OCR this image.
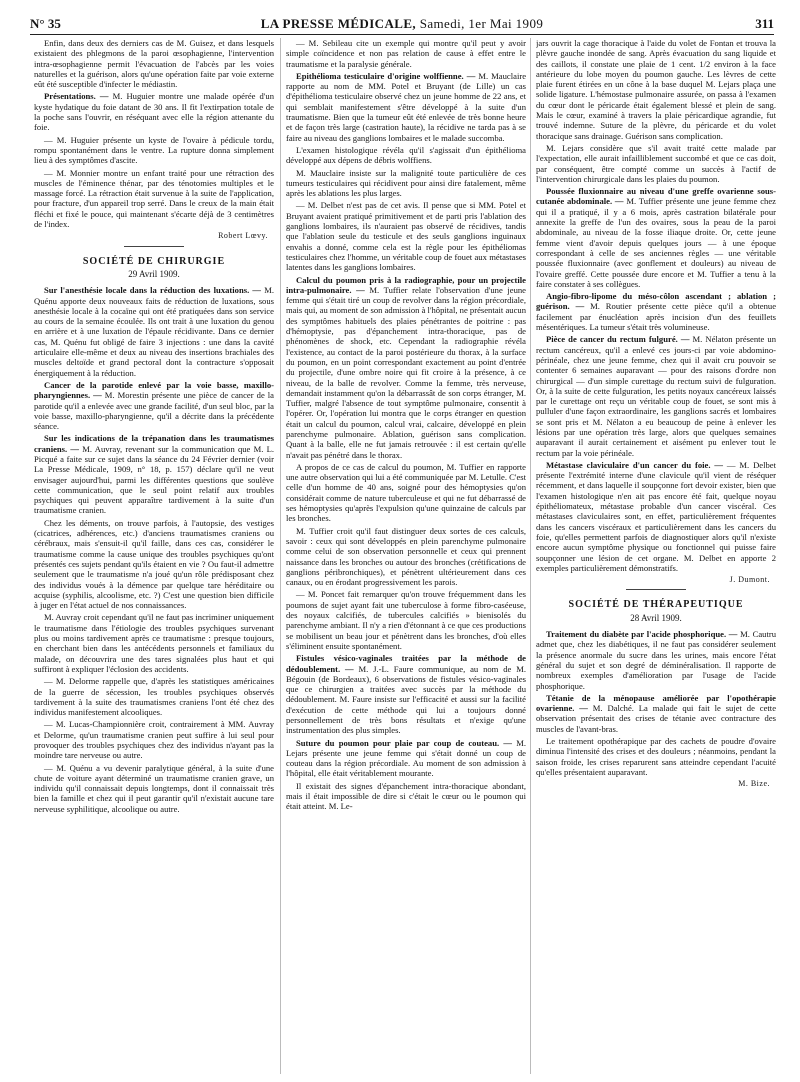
N° 35	LA PRESSE MÉDICALE, Samedi, 1er Mai 1909	311

Enfin, dans deux des derniers cas de M. Guisez, et dans lesquels existaient des phlegmons de la paroi œsophagienne, l'intervention intra-œsophagienne permit l'évacuation de l'abcès par les voies naturelles et la guérison, alors qu'une opération faite par voie externe eût été susceptible d'infecter le médiastin.

Présentations. — M. Huguier montre une malade opérée d'un kyste hydatique du foie datant de 30 ans. Il fit l'extirpation totale de la poche sans l'ouvrir, en réséquant avec elle la région attenante du foie.

— M. Huguier présente un kyste de l'ovaire à pédicule tordu, rompu spontanément dans le ventre. La rupture donna simplement lieu à des symptômes d'ascite.

— M. Monnier montre un enfant traité pour une rétraction des muscles de l'éminence thénar, par des ténotomies multiples et le massage forcé. La rétraction était survenue à la suite de l'application, pour fracture, d'un appareil trop serré. Dans le creux de la main était fléchi et fixé le pouce, qui maintenant s'écarte déjà de 3 centimètres de l'index.

Robert Lœvy.
SOCIÉTÉ DE CHIRURGIE
29 Avril 1909.

Sur l'anesthésie locale dans la réduction des luxations. — M. Quénu apporte deux nouveaux faits de réduction de luxations, sous anesthésie locale à la cocaïne qui ont été pratiquées dans son service au cours de la semaine écoulée. Ils ont trait à une luxation du genou en arrière et à une luxation de l'épaule récidivante. Dans ce dernier cas, M. Quénu fut obligé de faire 3 injections : une dans la cavité articulaire elle-même et deux au niveau des insertions brachiales des muscles deltoïde et grand pectoral dont la contracture s'opposait énergiquement à la réduction.

Cancer de la parotide enlevé par la voie basse, maxillo-pharyngiennes. — M. Morestin présente une pièce de cancer de la parotide qu'il a enlevée avec une grande facilité, d'un seul bloc, par la voie basse, maxillo-pharyngienne, qu'il a décrite dans la précédente séance.

Sur les indications de la trépanation dans les traumatismes craniens. — M. Auvray, revenant sur la communication que M. L. Picqué a faite sur ce sujet dans la séance du 24 Février dernier (voir La Presse Médicale, 1909, n° 18, p. 157) déclare qu'il ne veut envisager aujourd'hui, parmi les différentes questions que soulève cette communication, que le seul point relatif aux troubles psychiques qui peuvent apparaître tardivement à la suite d'un traumatisme cranien.

Chez les déments, on trouve parfois, à l'autopsie, des vestiges (cicatrices, adhérences, etc.) d'anciens traumatismes craniens ou cérébraux, mais s'ensuit-il qu'il faille, dans ces cas, considérer le traumatisme comme la cause unique des troubles psychiques qu'ont présentés ces sujets pendant qu'ils étaient en vie ? Ou faut-il admettre seulement que le traumatisme n'a joué qu'un rôle prédisposant chez des individus voués à la démence par quelque tare héréditaire ou acquise (syphilis, alcoolisme, etc. ?) C'est une question bien difficile à juger en l'état actuel de nos connaissances.

M. Auvray croit cependant qu'il ne faut pas incriminer uniquement le traumatisme dans l'étiologie des troubles psychiques survenant plus ou moins tardivement après ce traumatisme : presque toujours, en cherchant bien dans les antécédents personnels et familiaux du malade, on découvrira une des tares signalées plus haut et qui suffiront à expliquer l'éclosion des accidents.

— M. Delorme rappelle que, d'après les statistiques américaines de la guerre de sécession, les troubles psychiques observés tardivement à la suite des traumatismes craniens l'ont été chez des individus manifestement alcooliques.

— M. Lucas-Championnière croit, contrairement à MM. Auvray et Delorme, qu'un traumatisme cranien peut suffire à lui seul pour provoquer des troubles psychiques chez des individus n'ayant pas la moindre tare nerveuse ou autre.

— M. Quénu a vu devenir paralytique général, à la suite d'une chute de voiture ayant déterminé un traumatisme cranien grave, un individu qu'il connaissait depuis longtemps, dont il connaissait très bien la famille et chez qui il peut garantir qu'il n'existait aucune tare nerveuse syphilitique, alcoolique ou autre.

— M. Sebileau cite un exemple qui montre qu'il peut y avoir simple coïncidence et non pas relation de cause à effet entre le traumatisme et la paralysie générale.

Epithélioma testiculaire d'origine wolffienne. — M. Mauclaire rapporte au nom de MM. Potel et Bruyant (de Lille) un cas d'épithélioma testiculaire observé chez un jeune homme de 22 ans, et qui semblait manifestement s'être développé à la suite d'un traumatisme. Bien que la tumeur eût été enlevée de très bonne heure et de façon très large (castration haute), la récidive ne tarda pas à se faire au niveau des ganglions lombaires et le malade succomba.

L'examen histologique révéla qu'il s'agissait d'un épithélioma développé aux dépens de débris wolffiens.

M. Mauclaire insiste sur la malignité toute particulière de ces tumeurs testiculaires qui récidivent pour ainsi dire fatalement, même après les ablations les plus larges.

— M. Delbet n'est pas de cet avis. Il pense que si MM. Potel et Bruyant avaient pratiqué primitivement et de parti pris l'ablation des ganglions lombaires, ils n'auraient pas observé de récidives, tandis que l'ablation seule du testicule et des seuls ganglions inguinaux envahis a donné, comme cela est la règle pour les épithéliomas testiculaires chez l'homme, un véritable coup de fouet aux métastases latentes dans les ganglions lombaires.

Calcul du poumon pris à la radiographie, pour un projectile intra-pulmonaire. — M. Tuffier relate l'observation d'une jeune femme qui s'était tiré un coup de revolver dans la région précordiale, mais qui, au moment de son admission à l'hôpital, ne présentait aucun des symptômes habituels des plaies pénétrantes de poitrine : pas d'hémoptysie, pas d'épanchement intra-thoracique, pas de phénomènes de shock, etc. Cependant la radiographie révéla l'existence, au contact de la paroi postérieure du thorax, à la surface du poumon, en un point correspondant exactement au point d'entrée du projectile, d'une ombre noire qui fit croire à la présence, à ce niveau, de la balle de revolver. Comme la femme, très nerveuse, demandait instamment qu'on la débarrassât de son corps étranger, M. Tuffier, malgré l'absence de tout symptôme pulmonaire, consentit à l'opérer. Or, l'opération lui montra que le corps étranger en question était un calcul du poumon, calcul vrai, calcaire, développé en plein parenchyme pulmonaire. Ablation, guérison sans complication. Quant à la balle, elle ne fut jamais retrouvée : il est certain qu'elle n'avait pas pénétré dans le thorax.

A propos de ce cas de calcul du poumon, M. Tuffier en rapporte une autre observation qui lui a été communiquée par M. Letulle. C'est celle d'un homme de 40 ans, soigné pour des hémoptysies qu'on considérait comme de nature tuberculeuse et qui ne fut débarrassé de ses hémoptysies qu'après l'expulsion qu'une quinzaine de calculs par les bronches.

M. Tuffier croit qu'il faut distinguer deux sortes de ces calculs, savoir : ceux qui sont développés en plein parenchyme pulmonaire comme celui de son observation personnelle et ceux qui prennent naissance dans les bronches ou autour des bronches (crétifications de ganglions péribronchiques), et pénètrent ultérieurement dans ces canaux, ou en érodant progressivement les parois.

— M. Poncet fait remarquer qu'on trouve fréquemment dans les poumons de sujet ayant fait une tuberculose à forme fibro-caséeuse, des noyaux calcifiés, de tubercules calcifiés » bienisolés du parenchyme ambiant. Il n'y a rien d'étonnant à ce que ces productions se mobilisent un beau jour et pénètrent dans les bronches, d'où elles s'éliminent ensuite spontanément.

Fistules vésico-vaginales traitées par la méthode de dédoublement. — M. J.-L. Faure communique, au nom de M. Bégouin (de Bordeaux), 6 observations de fistules vésico-vaginales que ce chirurgien a traitées avec succès par la méthode du dédoublement. M. Faure insiste sur l'efficacité et aussi sur la facilité d'exécution de cette méthode qui lui a toujours donné personnellement de très bons résultats et n'exige qu'une instrumentation des plus simples.

Suture du poumon pour plaie par coup de couteau. — M. Lejars présente une jeune femme qui s'était donné un coup de couteau dans la région précordiale. Au moment de son admission à l'hôpital, elle était véritablement mourante.

Il existait des signes d'épanchement intra-thoracique abondant, mais il était impossible de dire si c'était le cœur ou le poumon qui était atteint. M. Le-

jars ouvrit la cage thoracique à l'aide du volet de Fontan et trouva la plèvre gauche inondée de sang. Après évacuation du sang liquide et des caillots, il constate une plaie de 1 cent. 1/2 environ à la face antérieure du lobe moyen du poumon gauche. Les lèvres de cette plaie furent étirées en un cône à la base duquel M. Lejars plaça une solide ligature. L'hémostase pulmonaire assurée, on passa à l'examen du cœur dont le péricarde était également blessé et plein de sang. Mais le cœur, examiné à travers la plaie péricardique agrandie, fut trouvé indemne. Suture de la plèvre, du péricarde et du volet thoracique sans drainage. Guérison sans complication.

M. Lejars considère que s'il avait traité cette malade par l'expectation, elle aurait infailliblement succombé et que ce cas doit, par conséquent, être compté comme un succès à l'actif de l'intervention chirurgicale dans les plaies du poumon.

Poussée fluxionnaire au niveau d'une greffe ovarienne sous-cutanée abdominale. — M. Tuffier présente une jeune femme chez qui il a pratiqué, il y a 6 mois, après castration bilatérale pour annexite la greffe de l'un des ovaires, sous la peau de la paroi abdominale, au niveau de la fosse iliaque droite. Or, cette jeune femme vient d'avoir depuis quelques jours — à une époque correspondant à celle de ses anciennes règles — une véritable poussée fluxionnaire (avec gonflement et douleurs) au niveau de l'ovaire greffé. Cette poussée dure encore et M. Tuffier a tenu à la faire constater à ses collègues.

Angio-fibro-lipome du méso-côlon ascendant ; ablation ; guérison. — M. Routier présente cette pièce qu'il a obtenue facilement par énucléation après incision d'un des feuillets mésentériques. La tumeur s'était très volumineuse.

Pièce de cancer du rectum fulguré. — M. Nélaton présente un rectum cancéreux, qu'il a enlevé ces jours-ci par voie abdomino-périnéale, chez une jeune femme, chez qui il avait cru pouvoir se contenter 6 semaines auparavant — pour des raisons d'ordre non chirurgical — d'un simple curettage du rectum suivi de fulguration. Or, à la suite de cette fulguration, les petits noyaux cancéreux laissés par le curettage ont reçu un véritable coup de fouet, se sont mis à pulluler d'une façon extraordinaire, les ganglions sacrés et lombaires se sont pris et M. Nélaton a eu beaucoup de peine à enlever les lésions par une opération très large, alors que quelques semaines auparavant il aurait certainement et aisément pu enlever tout le rectum par la voie périnéale.

Métastase claviculaire d'un cancer du foie. — — M. Delbet présente l'extrémité interne d'une clavicule qu'il vient de réséquer récemment, et dans laquelle il soupçonne fort devoir exister, bien que l'examen histologique n'en ait pas encore été fait, quelque noyau épithéliomateux, métastase probable d'un cancer viscéral. Ces métastases claviculaires sont, en effet, particulièrement fréquentes dans les cancers viscéraux et particulièrement dans les cancers du foie, qu'elles permettent parfois de diagnostiquer alors qu'il n'existe encore aucun symptôme physique ou fonctionnel qui puisse faire soupçonner une lésion de cet organe. M. Delbet en apporte 2 exemples particulièrement démonstratifs.

J. Dumont.
SOCIÉTÉ DE THÉRAPEUTIQUE
28 Avril 1909.

Traitement du diabète par l'acide phosphorique. — M. Cautru admet que, chez les diabétiques, il ne faut pas considérer seulement la présence anormale du sucre dans les urines, mais encore l'état général du sujet et son degré de déminéralisation. Il rapporte de nombreux exemples d'amélioration par l'usage de l'acide phosphorique.

Tétanie de la ménopause améliorée par l'opothérapie ovarienne. — M. Dalché. La malade qui fait le sujet de cette observation présentait des crises de tétanie avec contracture des muscles de l'avant-bras.

Le traitement opothérapique par des cachets de poudre d'ovaire diminua l'intensité des crises et des douleurs ; néanmoins, pendant la saison froide, les crises reparurent sans atteindre cependant l'acuité qu'elles présentaient auparavant.

M. Bize.
